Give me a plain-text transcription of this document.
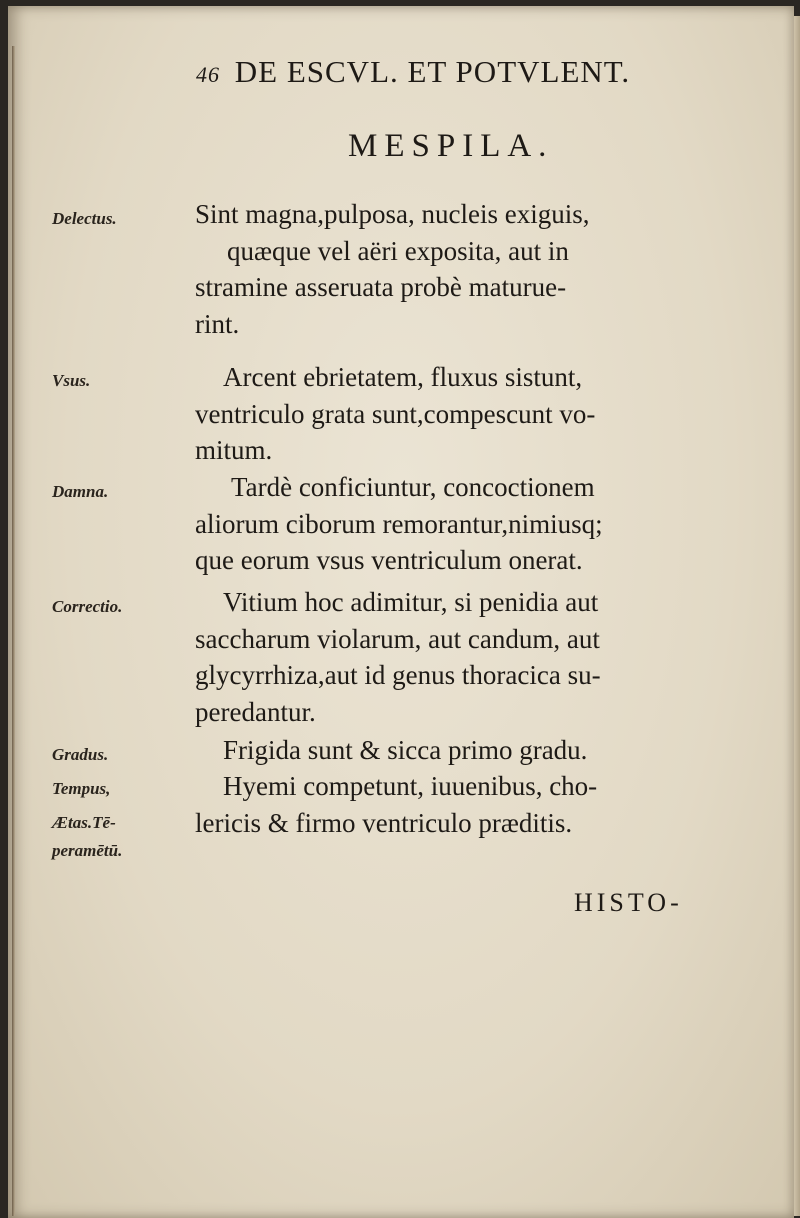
46 DE ESCVL. ET POTVLENT.
MESPILA.
Delectus.
Vsus.
Damna.
Correctio.
Gradus.
Tempus,
Ætas.Tē-
peramētū.
Sint magna,pulposa, nucleis exiguis,
quæque vel aëri exposita, aut in
stramine asseruata probè maturue-
rint.
Arcent ebrietatem, fluxus sistunt,
ventriculo grata sunt,compescunt vo-
mitum.
Tardè conficiuntur, concoctionem
aliorum ciborum remorantur,nimiusq;
que eorum vsus ventriculum onerat.
Vitium hoc adimitur, si penidia aut
saccharum violarum, aut candum, aut
glycyrrhiza,aut id genus thoracica su-
peredantur.
Frigida sunt & sicca primo gradu.
Hyemi competunt, iuuenibus, cho-
lericis & firmo ventriculo præditis.
HISTO-
